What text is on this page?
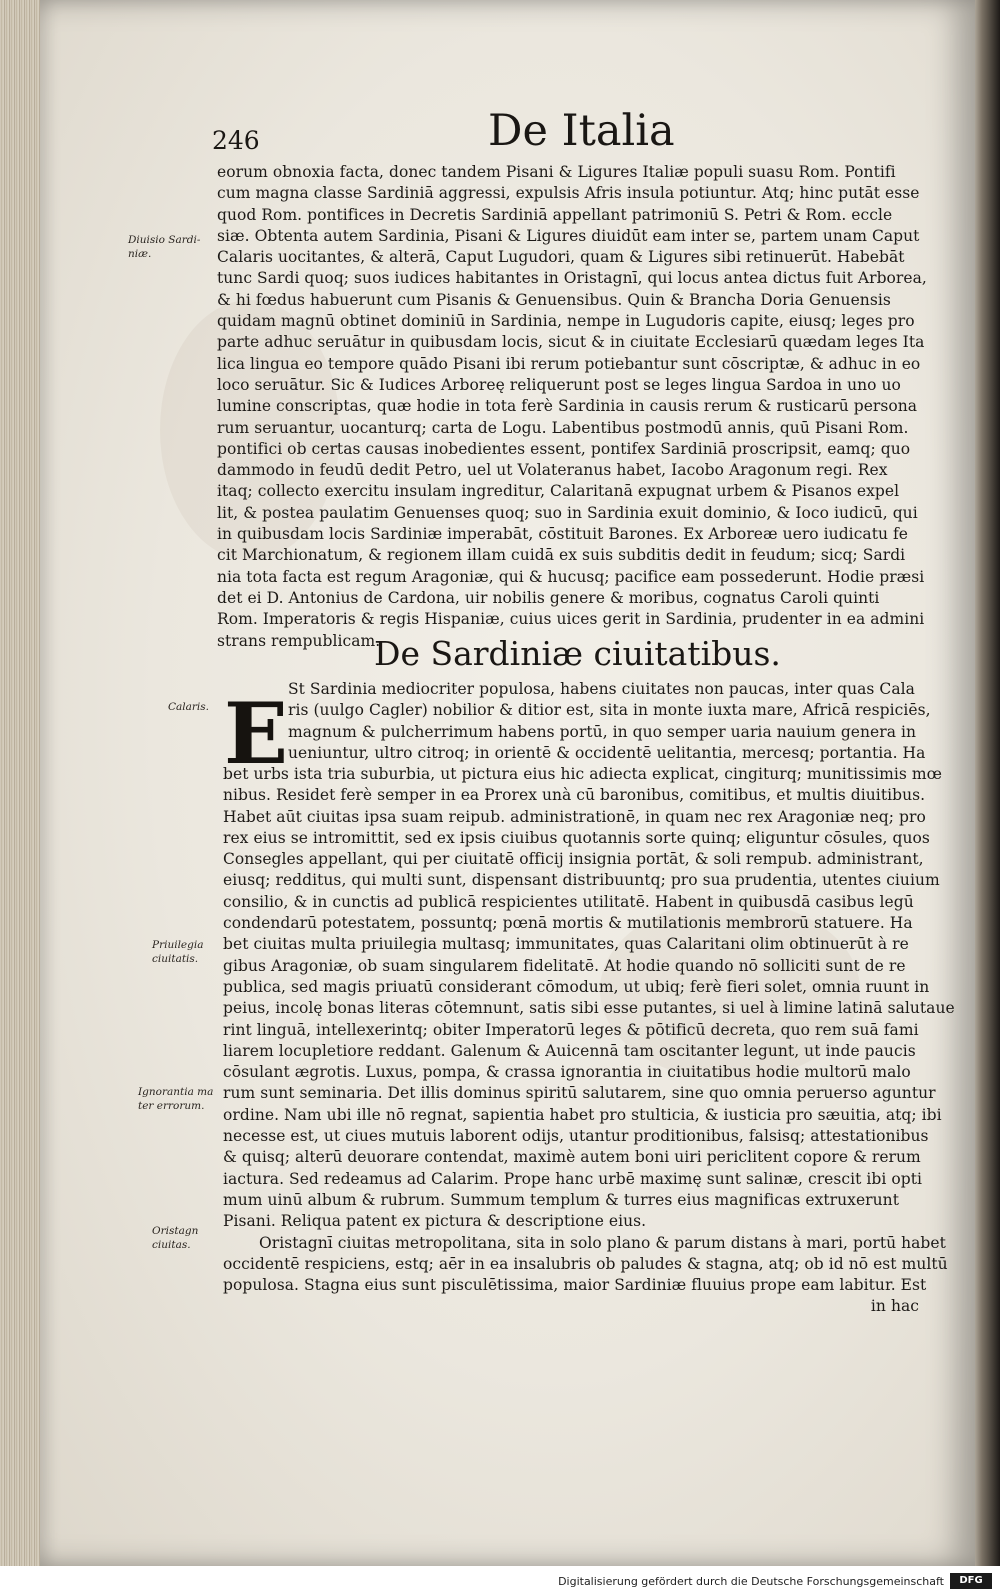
246	De Italia
Diuisio Sardi-
niæ.
Calaris.
Priuilegia
ciuitatis.
Ignorantia ma
ter errorum.
Oristagn
ciuitas.
eorum obnoxia facta, donec tandem Pisani & Ligures Italiæ populi suasu Rom. Pontifi
cum magna classe Sardiniā aggressi, expulsis Afris insula potiuntur. Atq; hinc putāt esse
quod Rom. pontifices in Decretis Sardiniā appellant patrimoniū S. Petri & Rom. eccle
siæ. Obtenta autem Sardinia, Pisani & Ligures diuidūt eam inter se, partem unam Caput
Calaris uocitantes, & alterā, Caput Lugudori, quam & Ligures sibi retinuerūt. Habebāt
tunc Sardi quoq; suos iudices habitantes in Oristagnī, qui locus antea dictus fuit Arborea,
& hi fœdus habuerunt cum Pisanis & Genuensibus. Quin & Brancha Doria Genuensis
quidam magnū obtinet dominiū in Sardinia, nempe in Lugudoris capite, eiusq; leges pro
parte adhuc seruātur in quibusdam locis, sicut & in ciuitate Ecclesiarū quædam leges Ita
lica lingua eo tempore quādo Pisani ibi rerum potiebantur sunt cōscriptæ, & adhuc in eo
loco seruātur. Sic & Iudices Arboreę reliquerunt post se leges lingua Sardoa in uno uo
lumine conscriptas, quæ hodie in tota ferè Sardinia in causis rerum & rusticarū persona
rum seruantur, uocanturq; carta de Logu. Labentibus postmodū annis, quū Pisani Rom.
pontifici ob certas causas inobedientes essent, pontifex Sardiniā proscripsit, eamq; quo
dammodo in feudū dedit Petro, uel ut Volateranus habet, Iacobo Aragonum regi. Rex
itaq; collecto exercitu insulam ingreditur, Calaritanā expugnat urbem & Pisanos expel
lit, & postea paulatim Genuenses quoq; suo in Sardinia exuit dominio, & Ioco iudicū, qui
in quibusdam locis Sardiniæ imperabāt, cōstituit Barones. Ex Arboreæ uero iudicatu fe
cit Marchionatum, & regionem illam cuidā ex suis subditis dedit in feudum; sicq; Sardi
nia tota facta est regum Aragoniæ, qui & hucusq; pacifice eam possederunt. Hodie præsi
det ei D. Antonius de Cardona, uir nobilis genere & moribus, cognatus Caroli quinti
Rom. Imperatoris & regis Hispaniæ, cuius uices gerit in Sardinia, prudenter in ea admini
strans rempublicam.
De Sardiniæ ciuitatibus.
E St Sardinia mediocriter populosa, habens ciuitates non paucas, inter quas Cala
ris (uulgo Cagler) nobilior & ditior est, sita in monte iuxta mare, Africā respiciēs,
magnum & pulcherrimum habens portū, in quo semper uaria nauium genera in
ueniuntur, ultro citroq; in orientē & occidentē uelitantia, mercesq; portantia. Ha
bet urbs ista tria suburbia, ut pictura eius hic adiecta explicat, cingiturq; munitissimis mœ
nibus. Residet ferè semper in ea Prorex unà cū baronibus, comitibus, et multis diuitibus.
Habet aūt ciuitas ipsa suam reipub. administrationē, in quam nec rex Aragoniæ neq; pro
rex eius se intromittit, sed ex ipsis ciuibus quotannis sorte quinq; eliguntur cōsules, quos
Consegles appellant, qui per ciuitatē officij insignia portāt, & soli rempub. administrant,
eiusq; redditus, qui multi sunt, dispensant distribuuntq; pro sua prudentia, utentes ciuium
consilio, & in cunctis ad publicā respicientes utilitatē. Habent in quibusdā casibus legū
condendarū potestatem, possuntq; pœnā mortis & mutilationis membrorū statuere. Ha
bet ciuitas multa priuilegia multasq; immunitates, quas Calaritani olim obtinuerūt à re
gibus Aragoniæ, ob suam singularem fidelitatē. At hodie quando nō solliciti sunt de re
publica, sed magis priuatū considerant cōmodum, ut ubiq; ferè fieri solet, omnia ruunt in
peius, incolę bonas literas cōtemnunt, satis sibi esse putantes, si uel à limine latinā salutaue
rint linguā, intellexerintq; obiter Imperatorū leges & pōtificū decreta, quo rem suā fami
liarem locupletiore reddant. Galenum & Auicennā tam oscitanter legunt, ut inde paucis
cōsulant ægrotis. Luxus, pompa, & crassa ignorantia in ciuitatibus hodie multorū malo
rum sunt seminaria. Det illis dominus spiritū salutarem, sine quo omnia peruerso aguntur
ordine. Nam ubi ille nō regnat, sapientia habet pro stulticia, & iusticia pro sæuitia, atq; ibi
necesse est, ut ciues mutuis laborent odijs, utantur proditionibus, falsisq; attestationibus
& quisq; alterū deuorare contendat, maximè autem boni uiri periclitent copore & rerum
iactura. Sed redeamus ad Calarim. Prope hanc urbē maximę sunt salinæ, crescit ibi opti
mum uinū album & rubrum. Summum templum & turres eius magnificas extruxerunt
Pisani. Reliqua patent ex pictura & descriptione eius.
Oristagnī ciuitas metropolitana, sita in solo plano & parum distans à mari, portū habet
occidentē respiciens, estq; aēr in ea insalubris ob paludes & stagna, atq; ob id nō est multū
populosa. Stagna eius sunt pisculētissima, maior Sardiniæ fluuius prope eam labitur. Est
in hac
Digitalisierung gefördert durch die Deutsche Forschungsgemeinschaft	DFG
